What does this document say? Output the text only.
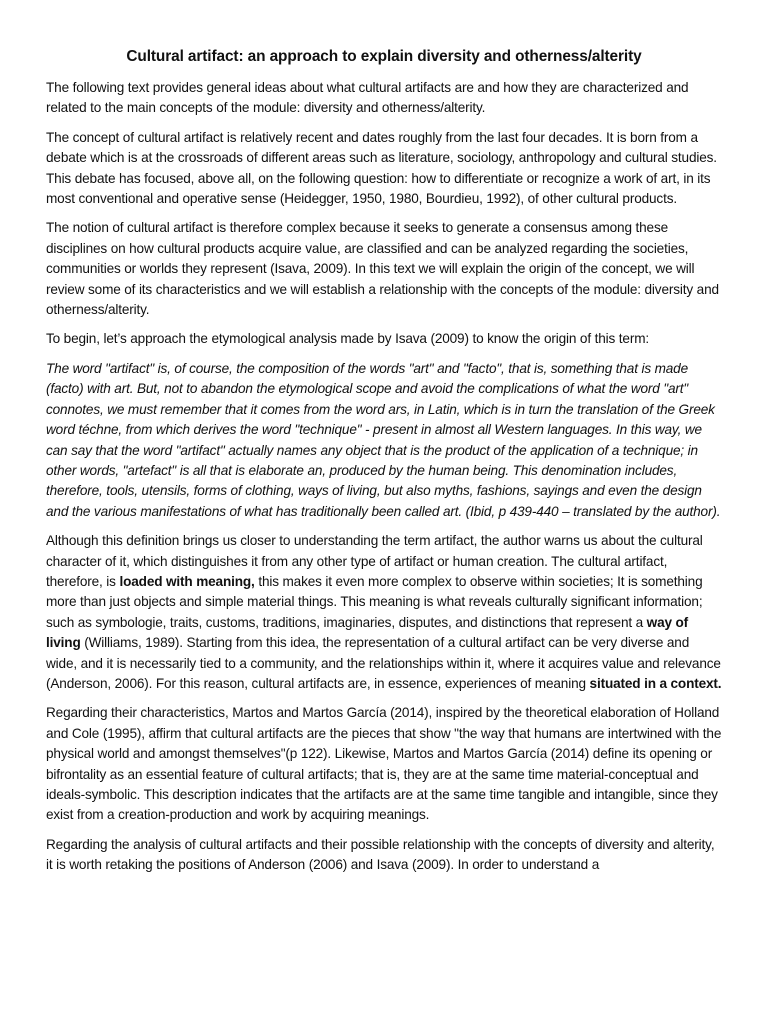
Cultural artifact: an approach to explain diversity and otherness/alterity

The following text provides general ideas about what cultural artifacts are and how they are characterized and related to the main concepts of the module: diversity and otherness/alterity.

The concept of cultural artifact is relatively recent and dates roughly from the last four decades. It is born from a debate which is at the crossroads of different areas such as literature, sociology, anthropology and cultural studies. This debate has focused, above all, on the following question: how to differentiate or recognize a work of art, in its most conventional and operative sense (Heidegger, 1950, 1980, Bourdieu, 1992), of other cultural products.

The notion of cultural artifact is therefore complex because it seeks to generate a consensus among these disciplines on how cultural products acquire value, are classified and can be analyzed regarding the societies, communities or worlds they represent (Isava, 2009). In this text we will explain the origin of the concept, we will review some of its characteristics and we will establish a relationship with the concepts of the module: diversity and otherness/alterity.

To begin, let’s approach the etymological analysis made by Isava (2009) to know the origin of this term:

The word "artifact" is, of course, the composition of the words "art" and "facto", that is, something that is made (facto) with art. But, not to abandon the etymological scope and avoid the complications of what the word "art" connotes, we must remember that it comes from the word ars, in Latin, which is in turn the translation of the Greek word téchne, from which derives the word "technique" - present in almost all Western languages. In this way, we can say that the word "artifact" actually names any object that is the product of the application of a technique; in other words, "artefact" is all that is elaborate an, produced by the human being. This denomination includes, therefore, tools, utensils, forms of clothing, ways of living, but also myths, fashions, sayings and even the design and the various manifestations of what has traditionally been called art. (Ibid, p 439-440 – translated by the author).

Although this definition brings us closer to understanding the term artifact, the author warns us about the cultural character of it, which distinguishes it from any other type of artifact or human creation. The cultural artifact, therefore, is loaded with meaning, this makes it even more complex to observe within societies; It is something more than just objects and simple material things. This meaning is what reveals culturally significant information; such as symbologie, traits, customs, traditions, imaginaries, disputes, and distinctions that represent a way of living (Williams, 1989). Starting from this idea, the representation of a cultural artifact can be very diverse and wide, and it is necessarily tied to a community, and the relationships within it, where it acquires value and relevance (Anderson, 2006). For this reason, cultural artifacts are, in essence, experiences of meaning situated in a context.

Regarding their characteristics, Martos and Martos García (2014), inspired by the theoretical elaboration of Holland and Cole (1995), affirm that cultural artifacts are the pieces that show "the way that humans are intertwined with the physical world and amongst themselves"(p 122). Likewise, Martos and Martos García (2014) define its opening or bifrontality as an essential feature of cultural artifacts; that is, they are at the same time material-conceptual and ideals-symbolic. This description indicates that the artifacts are at the same time tangible and intangible, since they exist from a creation-production and work by acquiring meanings.

Regarding the analysis of cultural artifacts and their possible relationship with the concepts of diversity and alterity, it is worth retaking the positions of Anderson (2006) and Isava (2009). In order to understand a
